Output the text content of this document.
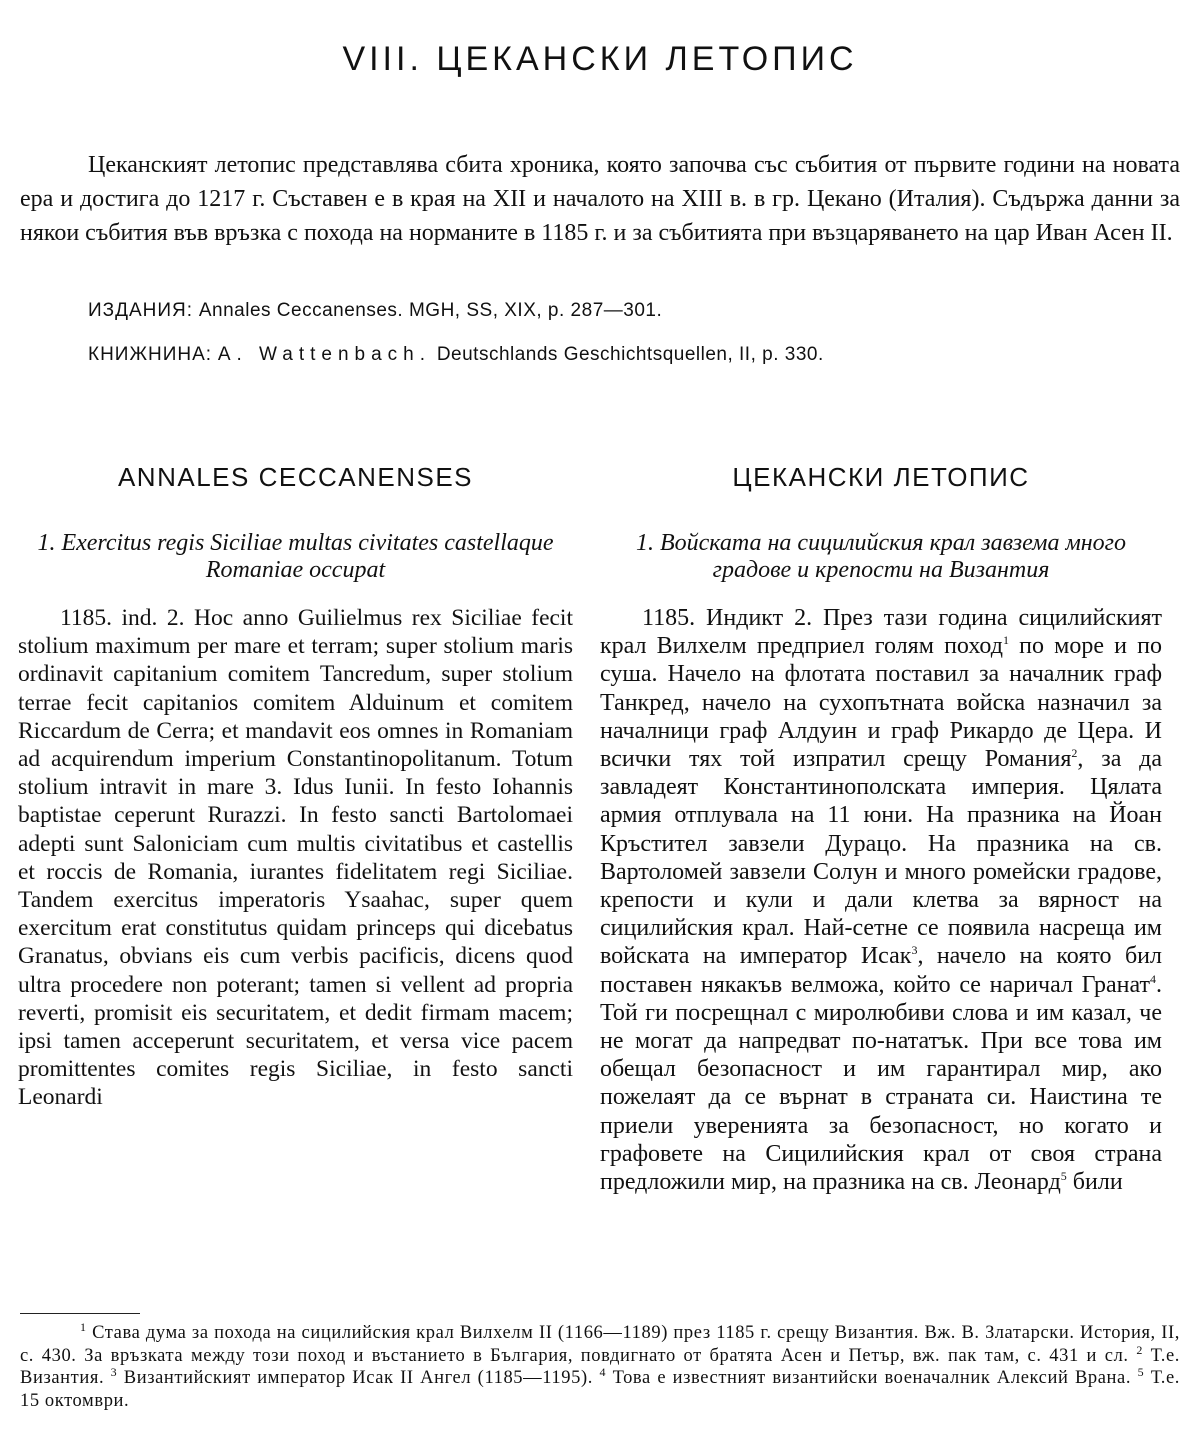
VIII. ЦЕКАНСКИ ЛЕТОПИС

Цеканският летопис представлява сбита хроника, която започва със събития от първите години на новата ера и достига до 1217 г. Съставен е в края на XII и началото на XIII в. в гр. Цекано (Италия). Съдържа данни за някои събития във връзка с похода на норманите в 1185 г. и за събитията при възцаряването на цар Иван Асен II.

ИЗДАНИЯ: Annales Ceccanenses. MGH, SS, XIX, p. 287—301.
КНИЖНИНА: A. Wattenbach. Deutschlands Geschichtsquellen, II, p. 330.
ANNALES CECCANENSES
1. Exercitus regis Siciliae multas civitates castellaque Romaniae occupat

1185. ind. 2. Hoc anno Guilielmus rex Siciliae fecit stolium maximum per mare et terram; super stolium maris ordinavit capitanium comitem Tancredum, super stolium terrae fecit capitanios comitem Alduinum et comitem Riccardum de Cerra; et mandavit eos omnes in Romaniam ad acquirendum imperium Constantinopolitanum. Totum stolium intravit in mare 3. Idus Iunii. In festo Iohannis baptistae ceperunt Rurazzi. In festo sancti Bartolomaei adepti sunt Saloniciam cum multis civitatibus et castellis et roccis de Romania, iurantes fidelitatem regi Siciliae. Tandem exercitus imperatoris Ysaahac, super quem exercitum erat constitutus quidam princeps qui dicebatus Granatus, obvians eis cum verbis pacificis, dicens quod ultra procedere non poterant; tamen si vellent ad propria reverti, promisit eis securitatem, et dedit firmam macem; ipsi tamen acceperunt securitatem, et versa vice pacem promittentes comites regis Siciliae, in festo sancti Leonardi

ЦЕКАНСКИ ЛЕТОПИС
1. Войската на сицилийския крал завзема много градове и крепости на Византия

1185. Индикт 2. През тази година сицилийският крал Вилхелм предприел голям поход$^1$ по море и по суша. Начело на флотата поставил за началник граф Танкред, начело на сухопътната войска назначил за началници граф Алдуин и граф Рикардо де Цера. И всички тях той изпратил срещу Романия$^2$, за да завладеят Константинополската империя. Цялата армия отплувала на 11 юни. На празника на Йоан Кръстител завзели Дурацо. На празника на св. Вартоломей завзели Солун и много ромейски градове, крепости и кули и дали клетва за вярност на сицилийския крал. Най-сетне се появила насреща им войската на император Исак$^3$, начело на която бил поставен някакъв велможа, който се наричал Гранат$^4$. Той ги посрещнал с миролюбиви слова и им казал, че не могат да напредват по-нататък. При все това им обещал безопасност и им гарантирал мир, ако пожелаят да се върнат в страната си. Наистина те приели уверенията за безопасност, но когато и графовете на Сицилийския крал от своя страна предложили мир, на празника на св. Леонард$^5$ били

$^1$ Става дума за похода на сицилийския крал Вилхелм II (1166—1189) през 1185 г. срещу Византия. Вж. В. Златарски. История, II, с. 430. За връзката между този поход и въстанието в България, повдигнато от братята Асен и Петър, вж. пак там, с. 431 и сл. $^2$ Т.е. Византия. $^3$ Византийският император Исак II Ангел (1185—1195). $^4$ Това е известният византийски военачалник Алексий Врана. $^5$ Т.е. 15 октомври.
